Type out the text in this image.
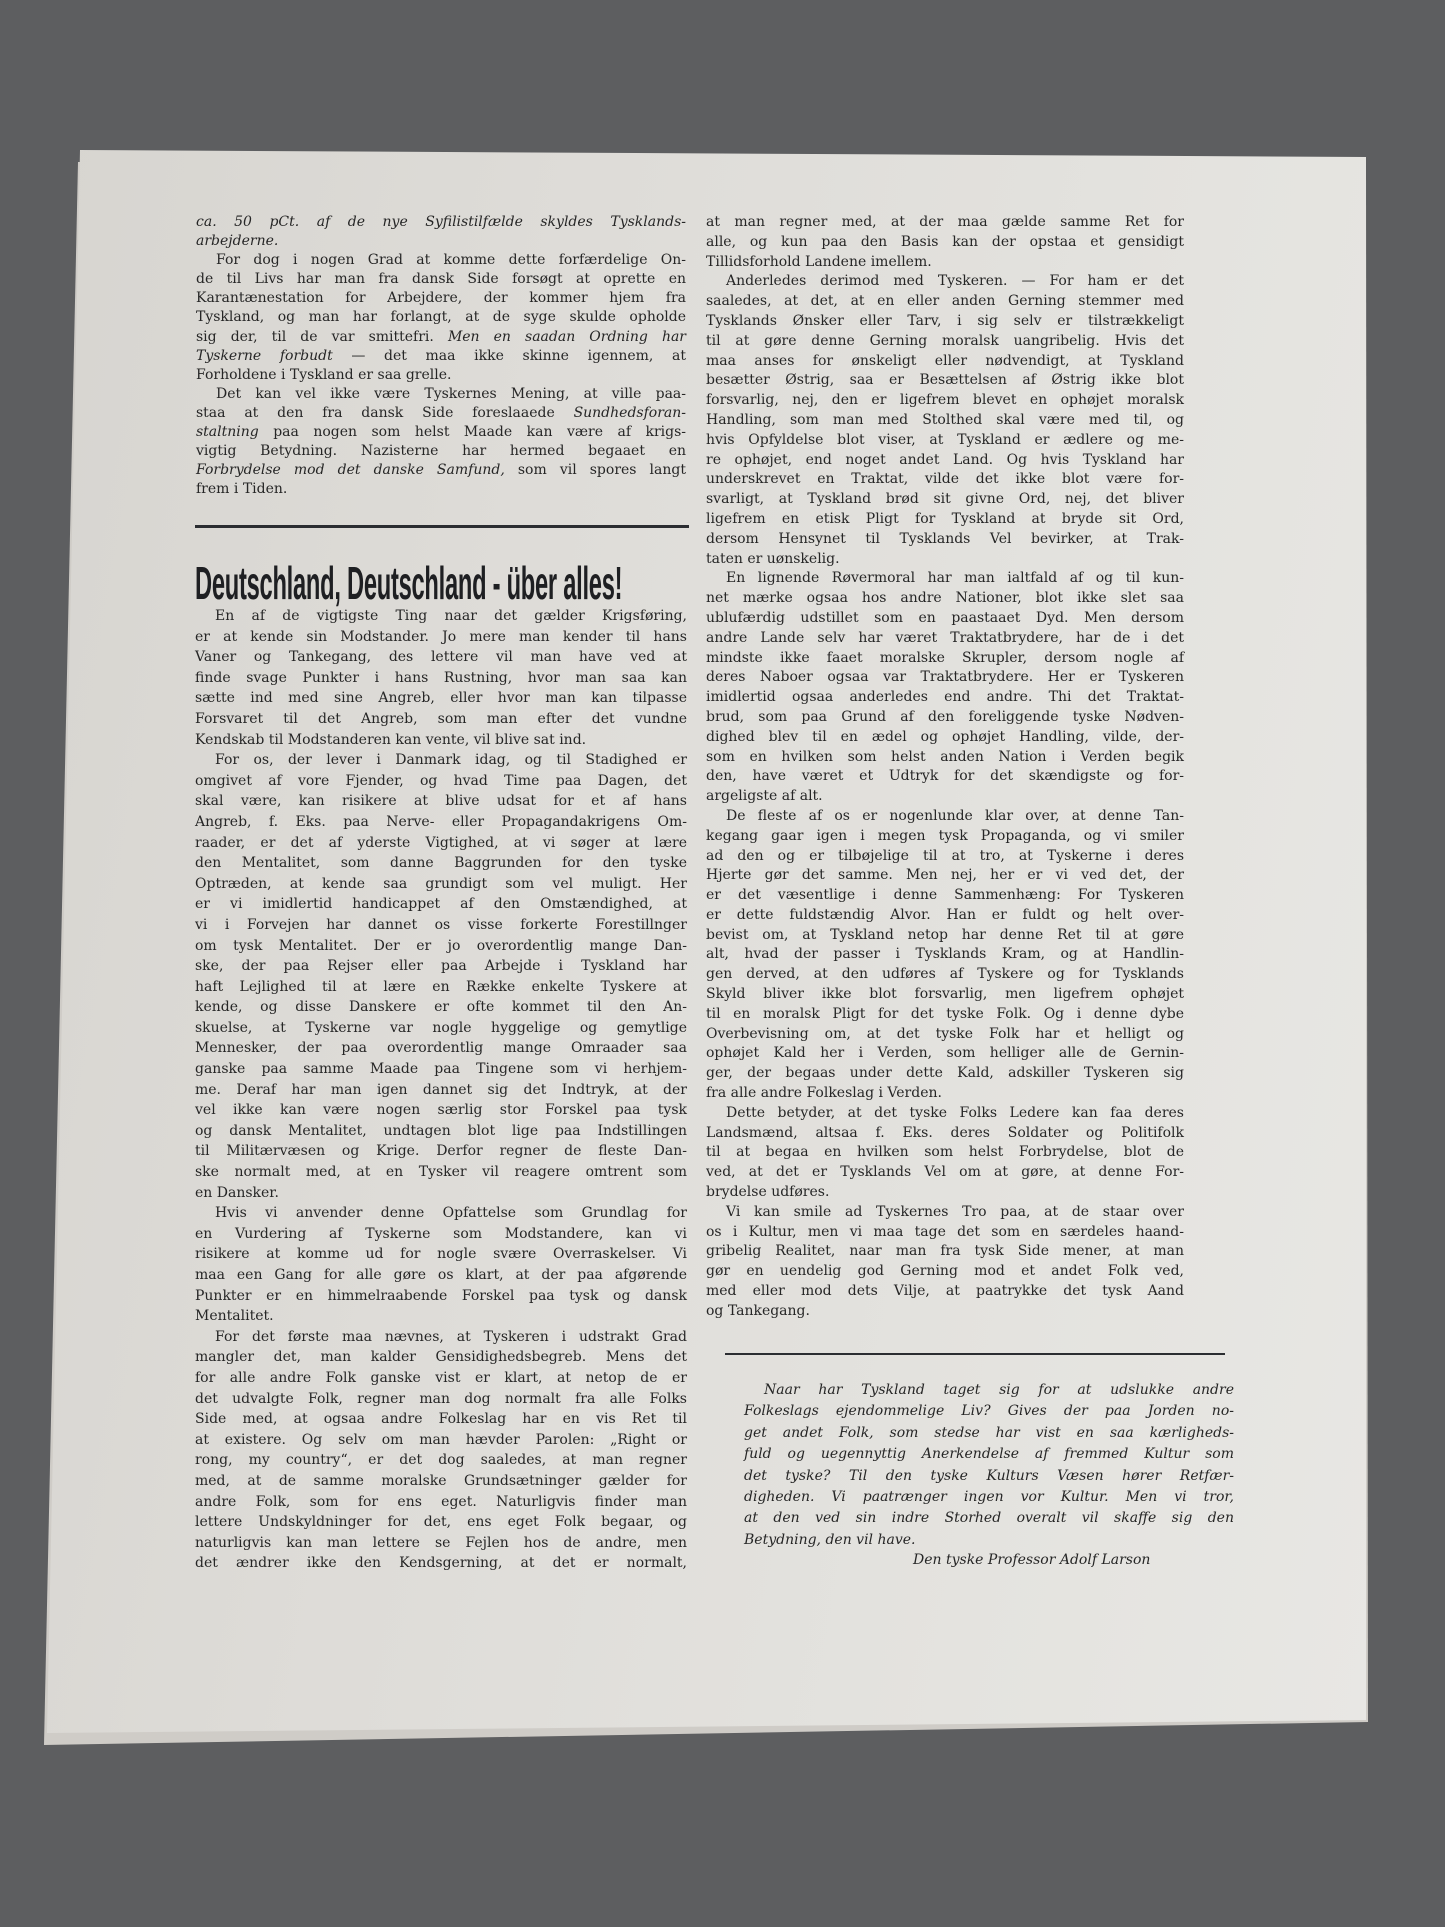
ca. 50 pCt. af de nye Syfilistilfælde skyldes Tysklands-
arbejderne.
For dog i nogen Grad at komme dette forfærdelige On-
de til Livs har man fra dansk Side forsøgt at oprette en
Karantænestation for Arbejdere, der kommer hjem fra
Tyskland, og man har forlangt, at de syge skulde opholde
sig der, til de var smittefri. Men en saadan Ordning har
Tyskerne forbudt — det maa ikke skinne igennem, at
Forholdene i Tyskland er saa grelle.
Det kan vel ikke være Tyskernes Mening, at ville paa-
staa at den fra dansk Side foreslaaede Sundhedsforan-
staltning paa nogen som helst Maade kan være af krigs-
vigtig Betydning. Nazisterne har hermed begaaet en
Forbrydelse mod det danske Samfund, som vil spores langt
frem i Tiden.
Deutschland, Deutschland - über alles!
En af de vigtigste Ting naar det gælder Krigsføring,
er at kende sin Modstander. Jo mere man kender til hans
Vaner og Tankegang, des lettere vil man have ved at
finde svage Punkter i hans Rustning, hvor man saa kan
sætte ind med sine Angreb, eller hvor man kan tilpasse
Forsvaret til det Angreb, som man efter det vundne
Kendskab til Modstanderen kan vente, vil blive sat ind.
For os, der lever i Danmark idag, og til Stadighed er
omgivet af vore Fjender, og hvad Time paa Dagen, det
skal være, kan risikere at blive udsat for et af hans
Angreb, f. Eks. paa Nerve- eller Propagandakrigens Om-
raader, er det af yderste Vigtighed, at vi søger at lære
den Mentalitet, som danne Baggrunden for den tyske
Optræden, at kende saa grundigt som vel muligt. Her
er vi imidlertid handicappet af den Omstændighed, at
vi i Forvejen har dannet os visse forkerte Forestillnger
om tysk Mentalitet. Der er jo overordentlig mange Dan-
ske, der paa Rejser eller paa Arbejde i Tyskland har
haft Lejlighed til at lære en Række enkelte Tyskere at
kende, og disse Danskere er ofte kommet til den An-
skuelse, at Tyskerne var nogle hyggelige og gemytlige
Mennesker, der paa overordentlig mange Omraader saa
ganske paa samme Maade paa Tingene som vi herhjem-
me. Deraf har man igen dannet sig det Indtryk, at der
vel ikke kan være nogen særlig stor Forskel paa tysk
og dansk Mentalitet, undtagen blot lige paa Indstillingen
til Militærvæsen og Krige. Derfor regner de fleste Dan-
ske normalt med, at en Tysker vil reagere omtrent som
en Dansker.
Hvis vi anvender denne Opfattelse som Grundlag for
en Vurdering af Tyskerne som Modstandere, kan vi
risikere at komme ud for nogle svære Overraskelser. Vi
maa een Gang for alle gøre os klart, at der paa afgørende
Punkter er en himmelraabende Forskel paa tysk og dansk
Mentalitet.
For det første maa nævnes, at Tyskeren i udstrakt Grad
mangler det, man kalder Gensidighedsbegreb. Mens det
for alle andre Folk ganske vist er klart, at netop de er
det udvalgte Folk, regner man dog normalt fra alle Folks
Side med, at ogsaa andre Folkeslag har en vis Ret til
at existere. Og selv om man hævder Parolen: „Right or
rong, my country“, er det dog saaledes, at man regner
med, at de samme moralske Grundsætninger gælder for
andre Folk, som for ens eget. Naturligvis finder man
lettere Undskyldninger for det, ens eget Folk begaar, og
naturligvis kan man lettere se Fejlen hos de andre, men
det ændrer ikke den Kendsgerning, at det er normalt,
at man regner med, at der maa gælde samme Ret for
alle, og kun paa den Basis kan der opstaa et gensidigt
Tillidsforhold Landene imellem.
Anderledes derimod med Tyskeren. — For ham er det
saaledes, at det, at en eller anden Gerning stemmer med
Tysklands Ønsker eller Tarv, i sig selv er tilstrækkeligt
til at gøre denne Gerning moralsk uangribelig. Hvis det
maa anses for ønskeligt eller nødvendigt, at Tyskland
besætter Østrig, saa er Besættelsen af Østrig ikke blot
forsvarlig, nej, den er ligefrem blevet en ophøjet moralsk
Handling, som man med Stolthed skal være med til, og
hvis Opfyldelse blot viser, at Tyskland er ædlere og me-
re ophøjet, end noget andet Land. Og hvis Tyskland har
underskrevet en Traktat, vilde det ikke blot være for-
svarligt, at Tyskland brød sit givne Ord, nej, det bliver
ligefrem en etisk Pligt for Tyskland at bryde sit Ord,
dersom Hensynet til Tysklands Vel bevirker, at Trak-
taten er uønskelig.
En lignende Røvermoral har man ialtfald af og til kun-
net mærke ogsaa hos andre Nationer, blot ikke slet saa
ublufærdig udstillet som en paastaaet Dyd. Men dersom
andre Lande selv har været Traktatbrydere, har de i det
mindste ikke faaet moralske Skrupler, dersom nogle af
deres Naboer ogsaa var Traktatbrydere. Her er Tyskeren
imidlertid ogsaa anderledes end andre. Thi det Traktat-
brud, som paa Grund af den foreliggende tyske Nødven-
dighed blev til en ædel og ophøjet Handling, vilde, der-
som en hvilken som helst anden Nation i Verden begik
den, have været et Udtryk for det skændigste og for-
argeligste af alt.
De fleste af os er nogenlunde klar over, at denne Tan-
kegang gaar igen i megen tysk Propaganda, og vi smiler
ad den og er tilbøjelige til at tro, at Tyskerne i deres
Hjerte gør det samme. Men nej, her er vi ved det, der
er det væsentlige i denne Sammenhæng: For Tyskeren
er dette fuldstændig Alvor. Han er fuldt og helt over-
bevist om, at Tyskland netop har denne Ret til at gøre
alt, hvad der passer i Tysklands Kram, og at Handlin-
gen derved, at den udføres af Tyskere og for Tysklands
Skyld bliver ikke blot forsvarlig, men ligefrem ophøjet
til en moralsk Pligt for det tyske Folk. Og i denne dybe
Overbevisning om, at det tyske Folk har et helligt og
ophøjet Kald her i Verden, som helliger alle de Gernin-
ger, der begaas under dette Kald, adskiller Tyskeren sig
fra alle andre Folkeslag i Verden.
Dette betyder, at det tyske Folks Ledere kan faa deres
Landsmænd, altsaa f. Eks. deres Soldater og Politifolk
til at begaa en hvilken som helst Forbrydelse, blot de
ved, at det er Tysklands Vel om at gøre, at denne For-
brydelse udføres.
Vi kan smile ad Tyskernes Tro paa, at de staar over
os i Kultur, men vi maa tage det som en særdeles haand-
gribelig Realitet, naar man fra tysk Side mener, at man
gør en uendelig god Gerning mod et andet Folk ved,
med eller mod dets Vilje, at paatrykke det tysk Aand
og Tankegang.
Naar har Tyskland taget sig for at udslukke andre
Folkeslags ejendommelige Liv? Gives der paa Jorden no-
get andet Folk, som stedse har vist en saa kærligheds-
fuld og uegennyttig Anerkendelse af fremmed Kultur som
det tyske? Til den tyske Kulturs Væsen hører Retfær-
digheden. Vi paatrænger ingen vor Kultur. Men vi tror,
at den ved sin indre Storhed overalt vil skaffe sig den
Betydning, den vil have.
Den tyske Professor Adolf Larson
